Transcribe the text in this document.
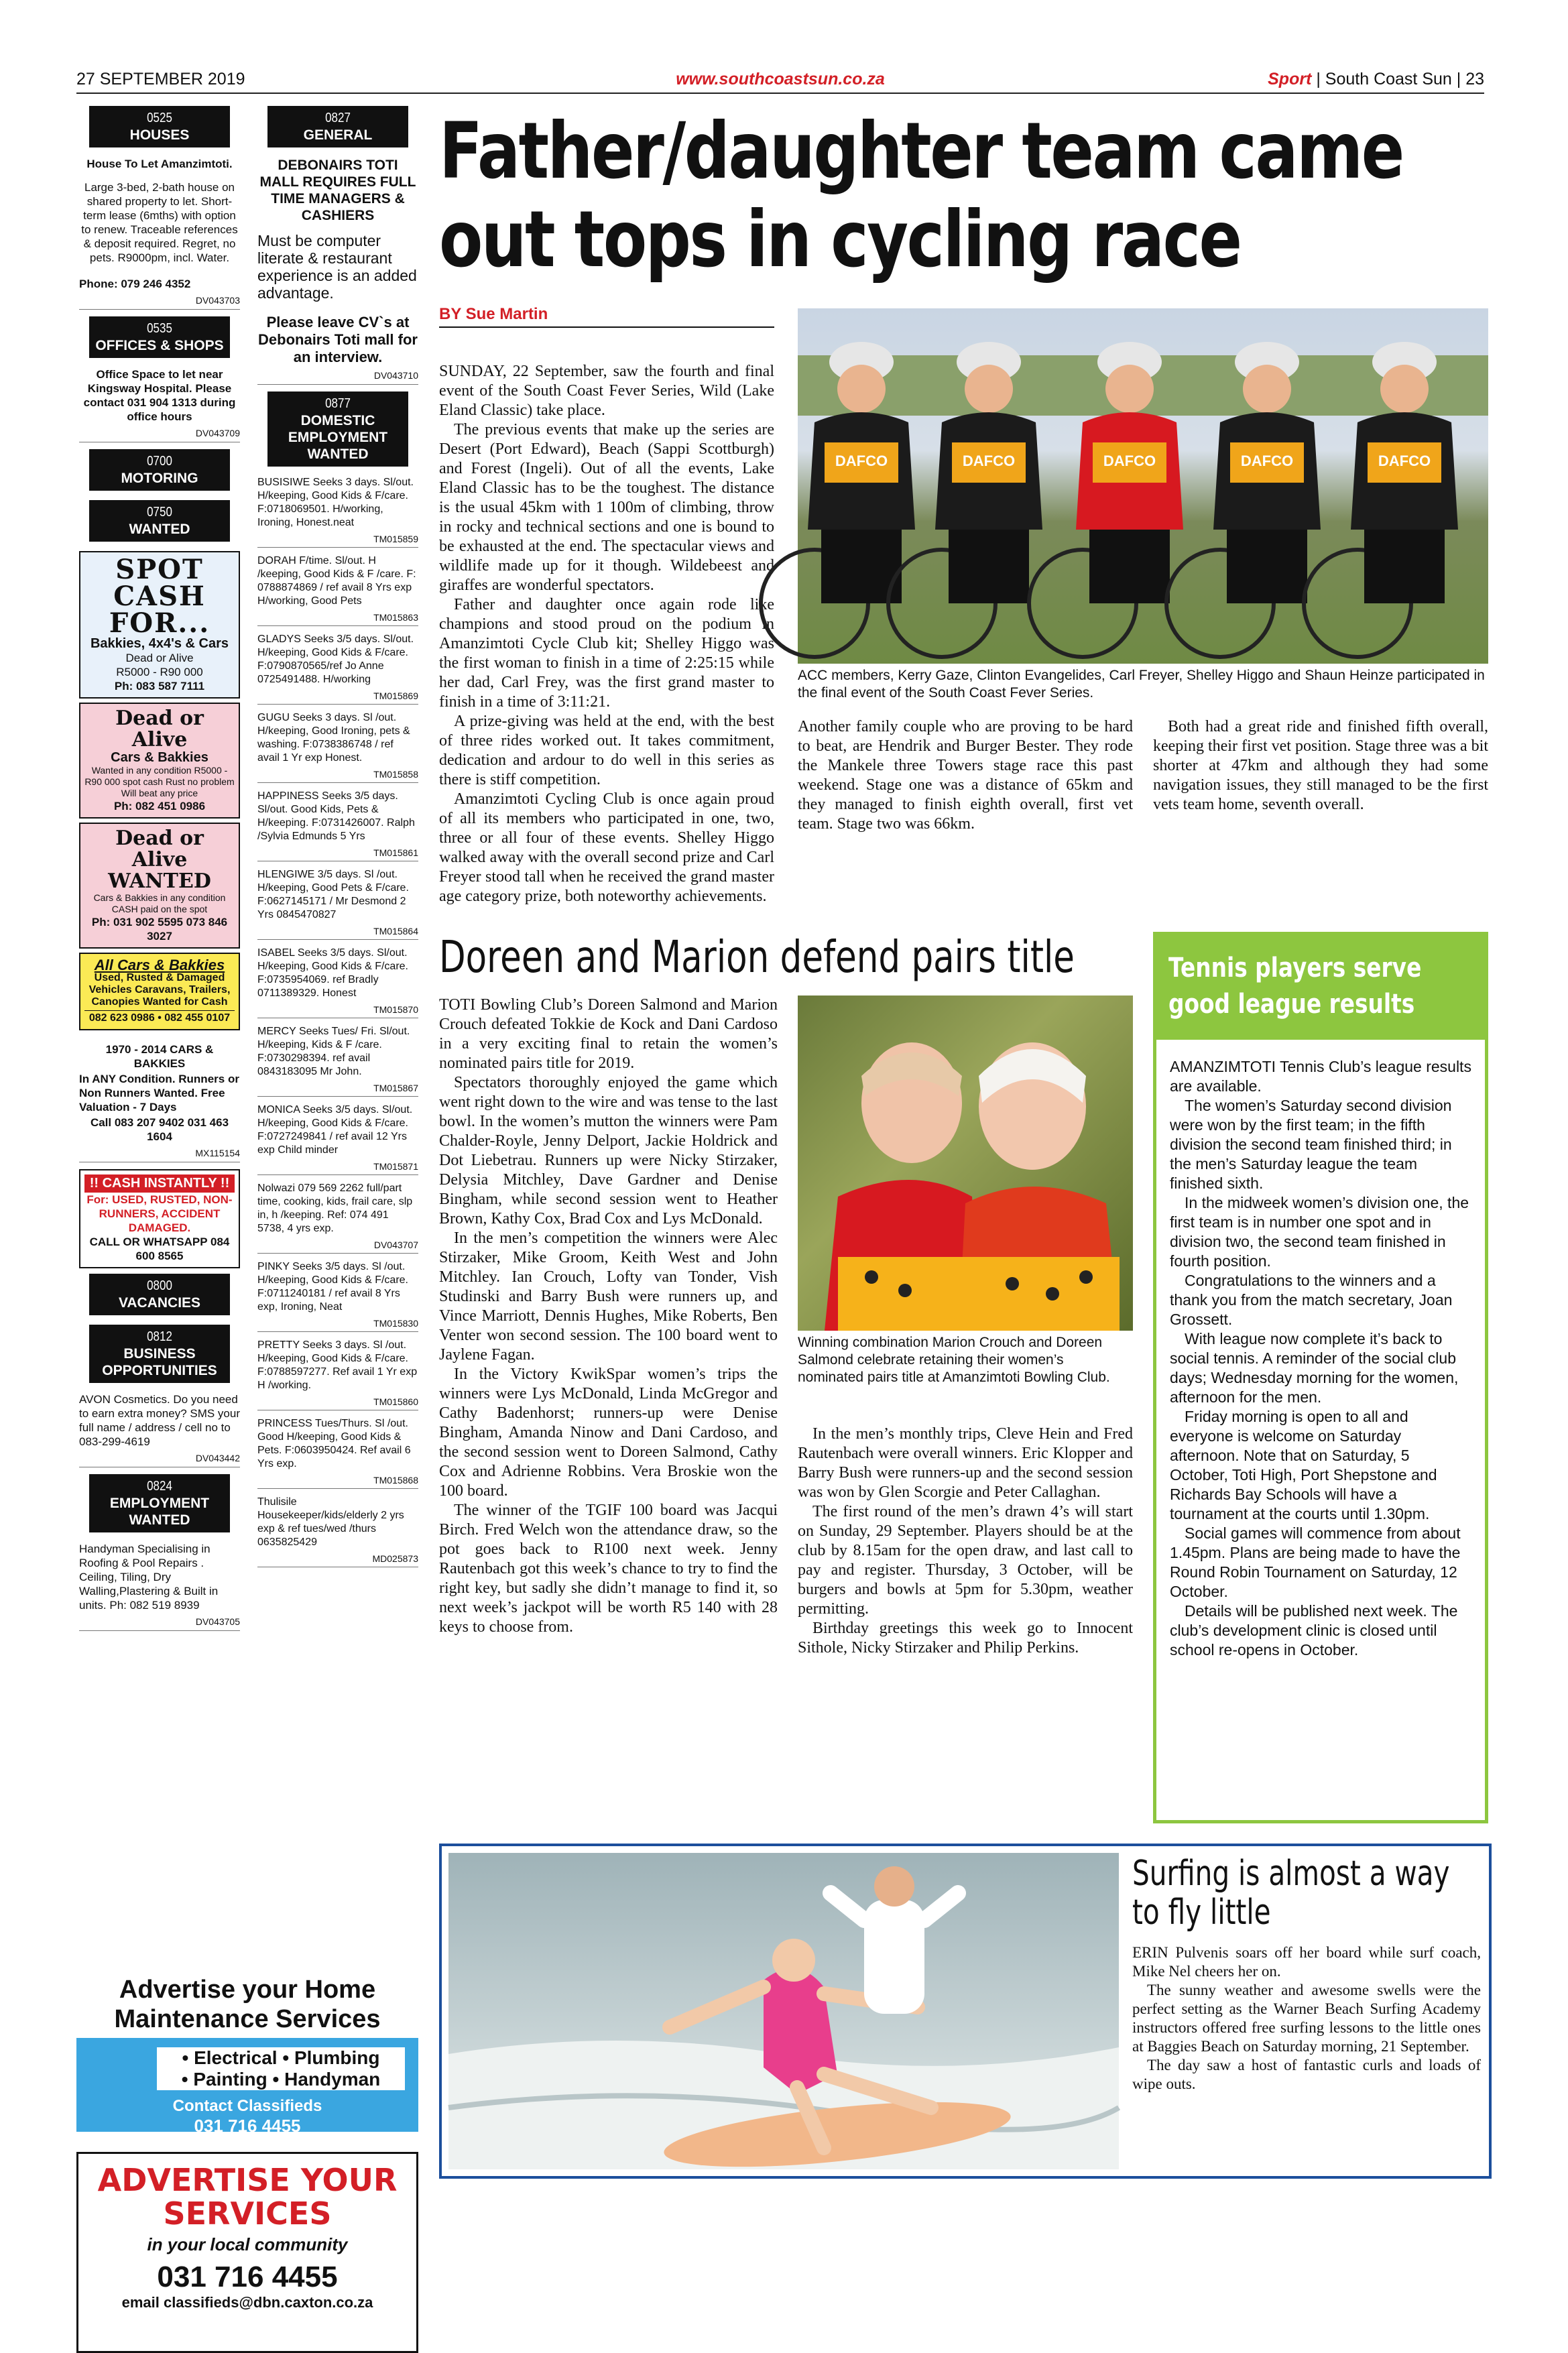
27 SEPTEMBER 2019	www.southcoastsun.co.za	Sport | South Coast Sun | 23
0525
HOUSES

House To Let Amanzimtoti.

Large 3-bed, 2-bath house on shared property to let. Short-term lease (6mths) with option to renew. Traceable references & deposit required. Regret, no pets. R9000pm, incl. Water.

Phone: 079 246 4352

DV043703
0535
OFFICES & SHOPS

Office Space to let near Kingsway Hospital. Please contact 031 904 1313 during office hours

DV043709
0700
MOTORING
0750
WANTED
SPOT CASH FOR...
Bakkies, 4x4's & Cars
Dead or Alive
R5000 - R90 000
Ph: 083 587 7111
Dead or Alive
Cars & Bakkies
Wanted in any condition R5000 - R90 000 spot cash Rust no problem Will beat any price
Ph: 082 451 0986
Dead or Alive WANTED
Cars & Bakkies in any condition CASH paid on the spot
Ph: 031 902 5595 073 846 3027
All Cars & Bakkies
Used, Rusted & Damaged Vehicles Caravans, Trailers, Canopies Wanted for Cash
082 623 0986 • 082 455 0107

1970 - 2014 CARS & BAKKIES

In ANY Condition. Runners or Non Runners Wanted. Free Valuation - 7 Days

Call 083 207 9402 031 463 1604

MX115154
!! CASH INSTANTLY !!
For: USED, RUSTED, NON-RUNNERS, ACCIDENT DAMAGED.
CALL OR WHATSAPP 084 600 8565
0800
VACANCIES
0812
BUSINESS OPPORTUNITIES

AVON Cosmetics. Do you need to earn extra money? SMS your full name / address / cell no to 083-299-4619

DV043442
0824
EMPLOYMENT WANTED

Handyman Specialising in Roofing & Pool Repairs . Ceiling, Tiling, Dry Walling,Plastering & Built in units. Ph: 082 519 8939

DV043705
0827
GENERAL

DEBONAIRS TOTI MALL REQUIRES FULL TIME MANAGERS & CASHIERS

Must be computer literate & restaurant experience is an added advantage.

Please leave CV`s at Debonairs Toti mall for an interview.

DV043710
0877
DOMESTIC EMPLOYMENT WANTED

BUSISIWE Seeks 3 days. Sl/out. H/keeping, Good Kids & F/care. F:0718069501. H/working, Ironing, Honest.neat

TM015859

DORAH F/time. Sl/out. H /keeping, Good Kids & F /care. F: 0788874869 / ref avail 8 Yrs exp H/working, Good Pets

TM015863

GLADYS Seeks 3/5 days. Sl/out. H/keeping, Good Kids & F/care. F:0790870565/ref Jo Anne 0725491488. H/working

TM015869

GUGU Seeks 3 days. Sl /out. H/keeping, Good Ironing, pets & washing. F:0738386748 / ref avail 1 Yr exp Honest.

TM015858

HAPPINESS Seeks 3/5 days. Sl/out. Good Kids, Pets & H/keeping. F:0731426007. Ralph /Sylvia Edmunds 5 Yrs

TM015861

HLENGIWE 3/5 days. Sl /out. H/keeping, Good Pets & F/care. F:0627145171 / Mr Desmond 2 Yrs 0845470827

TM015864

ISABEL Seeks 3/5 days. Sl/out. H/keeping, Good Kids & F/care. F:0735954069. ref Bradly 0711389329. Honest

TM015870

MERCY Seeks Tues/ Fri. Sl/out. H/keeping, Kids & F /care. F:0730298394. ref avail 0843183095 Mr John.

TM015867

MONICA Seeks 3/5 days. Sl/out. H/keeping, Good Kids & F/care. F:0727249841 / ref avail 12 Yrs exp Child minder

TM015871

Nolwazi 079 569 2262 full/part time, cooking, kids, frail care, slp in, h /keeping. Ref: 074 491 5738, 4 yrs exp.

DV043707

PINKY Seeks 3/5 days. Sl /out. H/keeping, Good Kids & F/care. F:0711240181 / ref avail 8 Yrs exp, Ironing, Neat

TM015830

PRETTY Seeks 3 days. Sl /out. H/keeping, Good Kids & F/care. F:0788597277. Ref avail 1 Yr exp H /working.

TM015860

PRINCESS Tues/Thurs. Sl /out. Good H/keeping, Good Kids & Pets. F:0603950424. Ref avail 6 Yrs exp.

TM015868

Thulisile Housekeeper/kids/elderly 2 yrs exp & ref tues/wed /thurs 0635825429

MD025873
Advertise your Home Maintenance Services
• Electrical • Plumbing
• Painting • Handyman
Contact Classifieds
031 716 4455
ADVERTISE YOUR SERVICES
in your local community
031 716 4455
email classifieds@dbn.caxton.co.za
Father/daughter team came
out tops in cycling race
BY Sue Martin

SUNDAY, 22 September, saw the fourth and final event of the South Coast Fever Series, Wild (Lake Eland Classic) take place.

The previous events that make up the series are Desert (Port Edward), Beach (Sappi Scottburgh) and Forest (Ingeli). Out of all the events, Lake Eland Classic has to be the toughest. The distance is the usual 45km with 1 100m of climbing, throw in rocky and technical sections and one is bound to be exhausted at the end. The spectacular views and wildlife made up for it though. Wildebeest and giraffes are wonderful spectators.

Father and daughter once again rode like champions and stood proud on the podium in Amanzimtoti Cycle Club kit; Shelley Higgo was the first woman to finish in a time of 2:25:15 while her dad, Carl Frey, was the first grand master to finish in a time of 3:11:21.

A prize-giving was held at the end, with the best of three rides worked out. It takes commitment, dedication and ardour to do well in this series as there is stiff competition.

Amanzimtoti Cycling Club is once again proud of all its members who participated in one, two, three or all four of these events. Shelley Higgo walked away with the overall second prize and Carl Freyer stood tall when he received the grand master age category prize, both noteworthy achievements.

DAFCO	DAFCO	DAFCO	DAFCO	DAFCO
ACC members, Kerry Gaze, Clinton Evangelides, Carl Freyer, Shelley Higgo and Shaun Heinze participated in the final event of the South Coast Fever Series.

Another family couple who are proving to be hard to beat, are Hendrik and Burger Bester. They rode the Mankele three Towers stage race this past weekend. Stage one was a distance of 65km and they managed to finish eighth overall, first vet team. Stage two was 66km.

Both had a great ride and finished fifth overall, keeping their first vet position. Stage three was a bit shorter at 47km and although they had some navigation issues, they still managed to be the first vets team home, seventh overall.

Doreen and Marion defend pairs title

TOTI Bowling Club’s Doreen Salmond and Marion Crouch defeated Tokkie de Kock and Dani Cardoso in a very exciting final to retain the women’s nominated pairs title for 2019.

Spectators thoroughly enjoyed the game which went right down to the wire and was tense to the last bowl. In the women’s mutton the winners were Pam Chalder-Royle, Jenny Delport, Jackie Holdrick and Dot Liebetrau. Runners up were Nicky Stirzaker, Delysia Mitchley, Dave Gardner and Denise Bingham, while second session went to Heather Brown, Kathy Cox, Brad Cox and Lys McDonald.

In the men’s competition the winners were Alec Stirzaker, Mike Groom, Keith West and John Mitchley. Ian Crouch, Lofty van Tonder, Vish Studinski and Barry Bush were runners up, and Vince Marriott, Dennis Hughes, Mike Roberts, Ben Venter won second session. The 100 board went to Jaylene Fagan.

In the Victory KwikSpar women’s trips the winners were Lys McDonald, Linda McGregor and Cathy Badenhorst; runners-up were Denise Bingham, Amanda Ninow and Dani Cardoso, and the second session went to Doreen Salmond, Cathy Cox and Adrienne Robbins. Vera Broskie won the 100 board.

The winner of the TGIF 100 board was Jacqui Birch. Fred Welch won the attendance draw, so the pot goes back to R100 next week. Jenny Rautenbach got this week’s chance to try to find the right key, but sadly she didn’t manage to find it, so next week’s jackpot will be worth R5 140 with 28 keys to choose from.

Winning combination Marion Crouch and Doreen Salmond celebrate retaining their women’s nominated pairs title at Amanzimtoti Bowling Club.

In the men’s monthly trips, Cleve Hein and Fred Rautenbach were overall winners. Eric Klopper and Barry Bush were runners-up and the second session was won by Glen Scorgie and Peter Callaghan.

The first round of the men’s drawn 4’s will start on Sunday, 29 September. Players should be at the club by 8.15am for the open draw, and last call to pay and register. Thursday, 3 October, will be burgers and bowls at 5pm for 5.30pm, weather permitting.

Birthday greetings this week go to Innocent Sithole, Nicky Stirzaker and Philip Perkins.

Tennis players serve
good league results

AMANZIMTOTI Tennis Club’s league results are available.

The women’s Saturday second division were won by the first team; in the fifth division the second team finished third; in the men’s Saturday league the team finished sixth.

In the midweek women’s division one, the first team is in number one spot and in division two, the second team finished in fourth position.

Congratulations to the winners and a thank you from the match secretary, Joan Grossett.

With league now complete it’s back to social tennis. A reminder of the social club days; Wednesday morning for the women, afternoon for the men.

Friday morning is open to all and everyone is welcome on Saturday afternoon. Note that on Saturday, 5 October, Toti High, Port Shepstone and Richards Bay Schools will have a tournament at the courts until 1.30pm.

Social games will commence from about 1.45pm. Plans are being made to have the Round Robin Tournament on Saturday, 12 October.

Details will be published next week. The club’s development clinic is closed until school re-opens in October.

Surfing is almost a way
to fly little

ERIN Pulvenis soars off her board while surf coach, Mike Nel cheers her on.

The sunny weather and awesome swells were the perfect setting as the Warner Beach Surfing Academy instructors offered free surfing lessons to the little ones at Baggies Beach on Saturday morning, 21 September.

The day saw a host of fantastic curls and loads of wipe outs.
